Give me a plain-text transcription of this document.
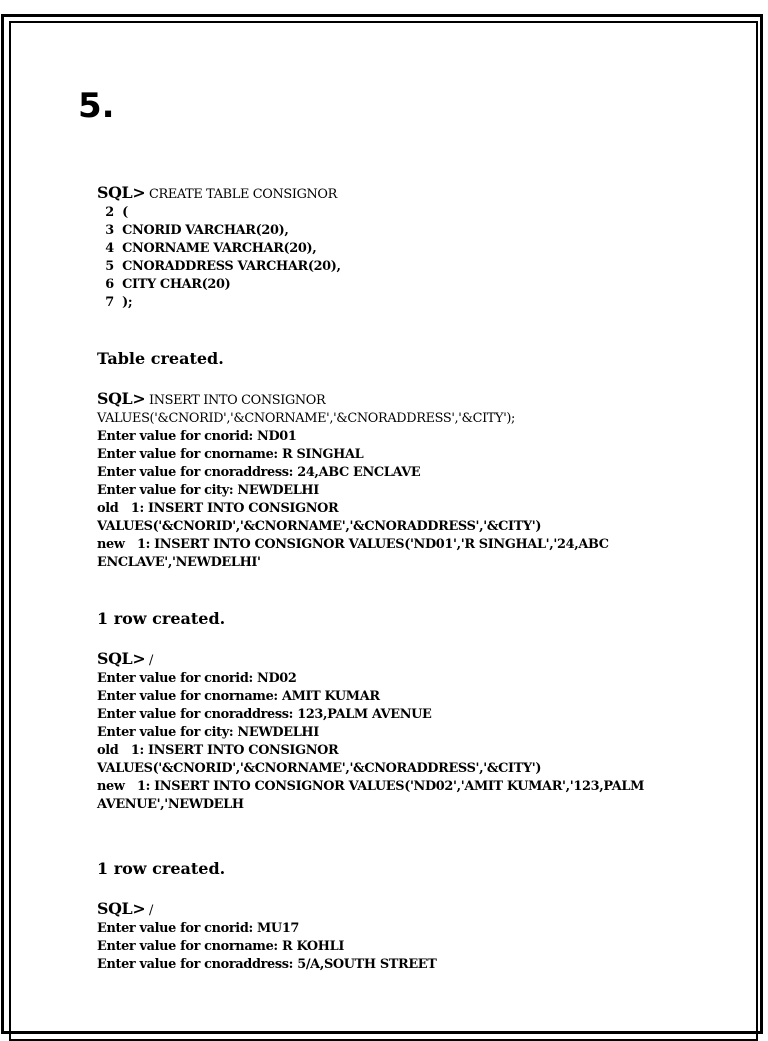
5.
SQL> CREATE TABLE CONSIGNOR
2  (
3  CNORID VARCHAR(20),
4  CNORNAME VARCHAR(20),
5  CNORADDRESS VARCHAR(20),
6  CITY CHAR(20)
7  );
Table created.
SQL> INSERT INTO CONSIGNOR
VALUES('&CNORID','&CNORNAME','&CNORADDRESS','&CITY');
Enter value for cnorid: ND01
Enter value for cnorname: R SINGHAL
Enter value for cnoraddress: 24,ABC ENCLAVE
Enter value for city: NEWDELHI
old   1: INSERT INTO CONSIGNOR
VALUES('&CNORID','&CNORNAME','&CNORADDRESS','&CITY')
new   1: INSERT INTO CONSIGNOR VALUES('ND01','R SINGHAL','24,ABC
ENCLAVE','NEWDELHI'
1 row created.
SQL> /
Enter value for cnorid: ND02
Enter value for cnorname: AMIT KUMAR
Enter value for cnoraddress: 123,PALM AVENUE
Enter value for city: NEWDELHI
old   1: INSERT INTO CONSIGNOR
VALUES('&CNORID','&CNORNAME','&CNORADDRESS','&CITY')
new   1: INSERT INTO CONSIGNOR VALUES('ND02','AMIT KUMAR','123,PALM
AVENUE','NEWDELH
1 row created.
SQL> /
Enter value for cnorid: MU17
Enter value for cnorname: R KOHLI
Enter value for cnoraddress: 5/A,SOUTH STREET
